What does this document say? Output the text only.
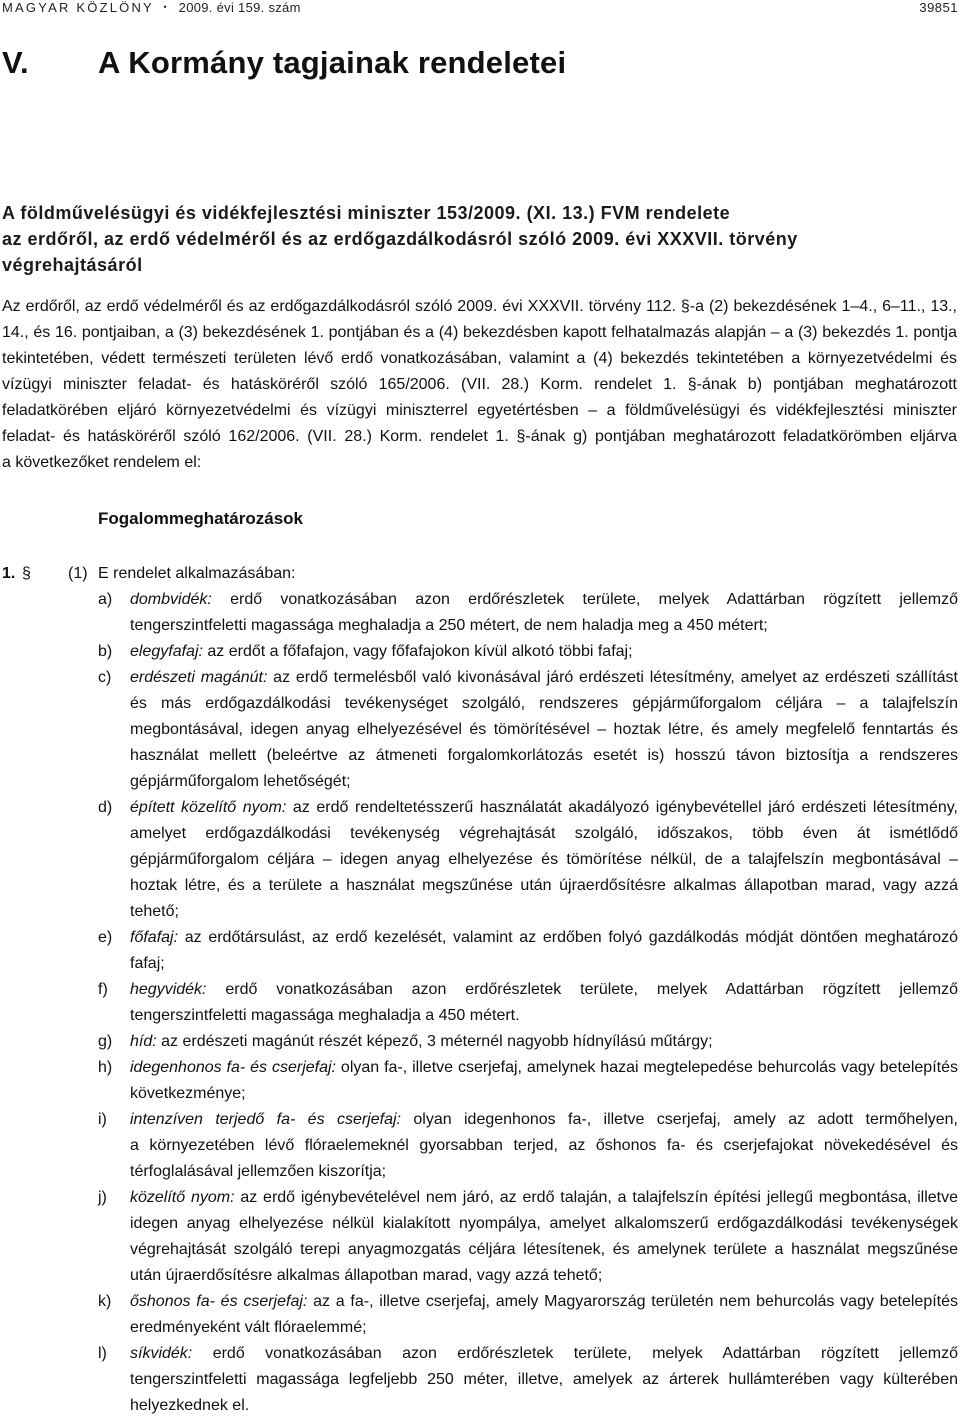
MAGYAR KÖZLÖNY • 2009. évi 159. szám	39851
V. A Kormány tagjainak rendeletei
A földművelésügyi és vidékfejlesztési miniszter 153/2009. (XI. 13.) FVM rendelete
az erdőről, az erdő védelméről és az erdőgazdálkodásról szóló 2009. évi XXXVII. törvény
végrehajtásáról

Az erdőről, az erdő védelméről és az erdőgazdálkodásról szóló 2009. évi XXXVII. törvény 112. §-a (2) bekezdésének 1–4., 6–11., 13.,
14., és 16. pontjaiban, a (3) bekezdésének 1. pontjában és a (4) bekezdésben kapott felhatalmazás alapján – a (3) bekezdés 1. pontja
tekintetében, védett természeti területen lévő erdő vonatkozásában, valamint a (4) bekezdés tekintetében a környezetvédelmi és
vízügyi miniszter feladat- és hatásköréről szóló 165/2006. (VII. 28.) Korm. rendelet 1. §-ának b) pontjában meghatározott
feladatkörében eljáró környezetvédelmi és vízügyi miniszterrel egyetértésben – a földművelésügyi és vidékfejlesztési miniszter
feladat- és hatásköréről szóló 162/2006. (VII. 28.) Korm. rendelet 1. §-ának g) pontjában meghatározott feladatkörömben eljárva
a következőket rendelem el:

Fogalommeghatározások
1. § (1) E rendelet alkalmazásában:
a) dombvidék: erdő vonatkozásában azon erdőrészletek területe, melyek Adattárban rögzített jellemző
tengerszintfeletti magassága meghaladja a 250 métert, de nem haladja meg a 450 métert;
b) elegyfafaj: az erdőt a főfafajon, vagy főfafajokon kívül alkotó többi fafaj;
c) erdészeti magánút: az erdő termelésből való kivonásával járó erdészeti létesítmény, amelyet az erdészeti szállítást
és más erdőgazdálkodási tevékenységet szolgáló, rendszeres gépjárműforgalom céljára – a talajfelszín
megbontásával, idegen anyag elhelyezésével és tömörítésével – hoztak létre, és amely megfelelő fenntartás és
használat mellett (beleértve az átmeneti forgalomkorlátozás esetét is) hosszú távon biztosítja a rendszeres
gépjárműforgalom lehetőségét;
d) épített közelítő nyom: az erdő rendeltetésszerű használatát akadályozó igénybevétellel járó erdészeti létesítmény,
amelyet erdőgazdálkodási tevékenység végrehajtását szolgáló, időszakos, több éven át ismétlődő
gépjárműforgalom céljára – idegen anyag elhelyezése és tömörítése nélkül, de a talajfelszín megbontásával –
hoztak létre, és a területe a használat megszűnése után újraerdősítésre alkalmas állapotban marad, vagy azzá
tehető;
e) főfafaj: az erdőtársulást, az erdő kezelését, valamint az erdőben folyó gazdálkodás módját döntően meghatározó
fafaj;
f) hegyvidék: erdő vonatkozásában azon erdőrészletek területe, melyek Adattárban rögzített jellemző
tengerszintfeletti magassága meghaladja a 450 métert.
g) híd: az erdészeti magánút részét képező, 3 méternél nagyobb hídnyílású műtárgy;
h) idegenhonos fa- és cserjefaj: olyan fa-, illetve cserjefaj, amelynek hazai megtelepedése behurcolás vagy betelepítés
következménye;
i) intenzíven terjedő fa- és cserjefaj: olyan idegenhonos fa-, illetve cserjefaj, amely az adott termőhelyen,
a környezetében lévő flóraelemeknél gyorsabban terjed, az őshonos fa- és cserjefajokat növekedésével és
térfoglalásával jellemzően kiszorítja;
j) közelítő nyom: az erdő igénybevételével nem járó, az erdő talaján, a talajfelszín építési jellegű megbontása, illetve
idegen anyag elhelyezése nélkül kialakított nyompálya, amelyet alkalomszerű erdőgazdálkodási tevékenységek
végrehajtását szolgáló terepi anyagmozgatás céljára létesítenek, és amelynek területe a használat megszűnése
után újraerdősítésre alkalmas állapotban marad, vagy azzá tehető;
k) őshonos fa- és cserjefaj: az a fa-, illetve cserjefaj, amely Magyarország területén nem behurcolás vagy betelepítés
eredményeként vált flóraelemmé;
l) síkvidék: erdő vonatkozásában azon erdőrészletek területe, melyek Adattárban rögzített jellemző
tengerszintfeletti magassága legfeljebb 250 méter, illetve, amelyek az árterek hullámterében vagy külterében
helyezkednek el.
